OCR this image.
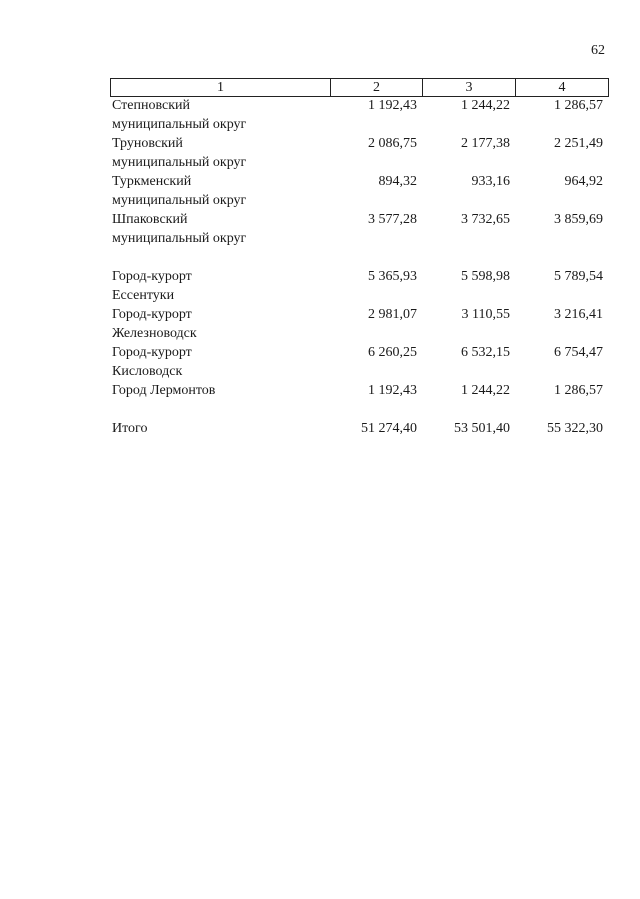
62
1	2	3	4
Степновский
муниципальный округ	1 192,43	1 244,22	1 286,57
Труновский
муниципальный округ	2 086,75	2 177,38	2 251,49
Туркменский
муниципальный округ	894,32	933,16	964,92
Шпаковский
муниципальный округ	3 577,28	3 732,65	3 859,69

Город-курорт
Ессентуки	5 365,93	5 598,98	5 789,54
Город-курорт
Железноводск	2 981,07	3 110,55	3 216,41
Город-курорт
Кисловодск	6 260,25	6 532,15	6 754,47
Город Лермонтов	1 192,43	1 244,22	1 286,57

Итого	51 274,40	53 501,40	55 322,30
